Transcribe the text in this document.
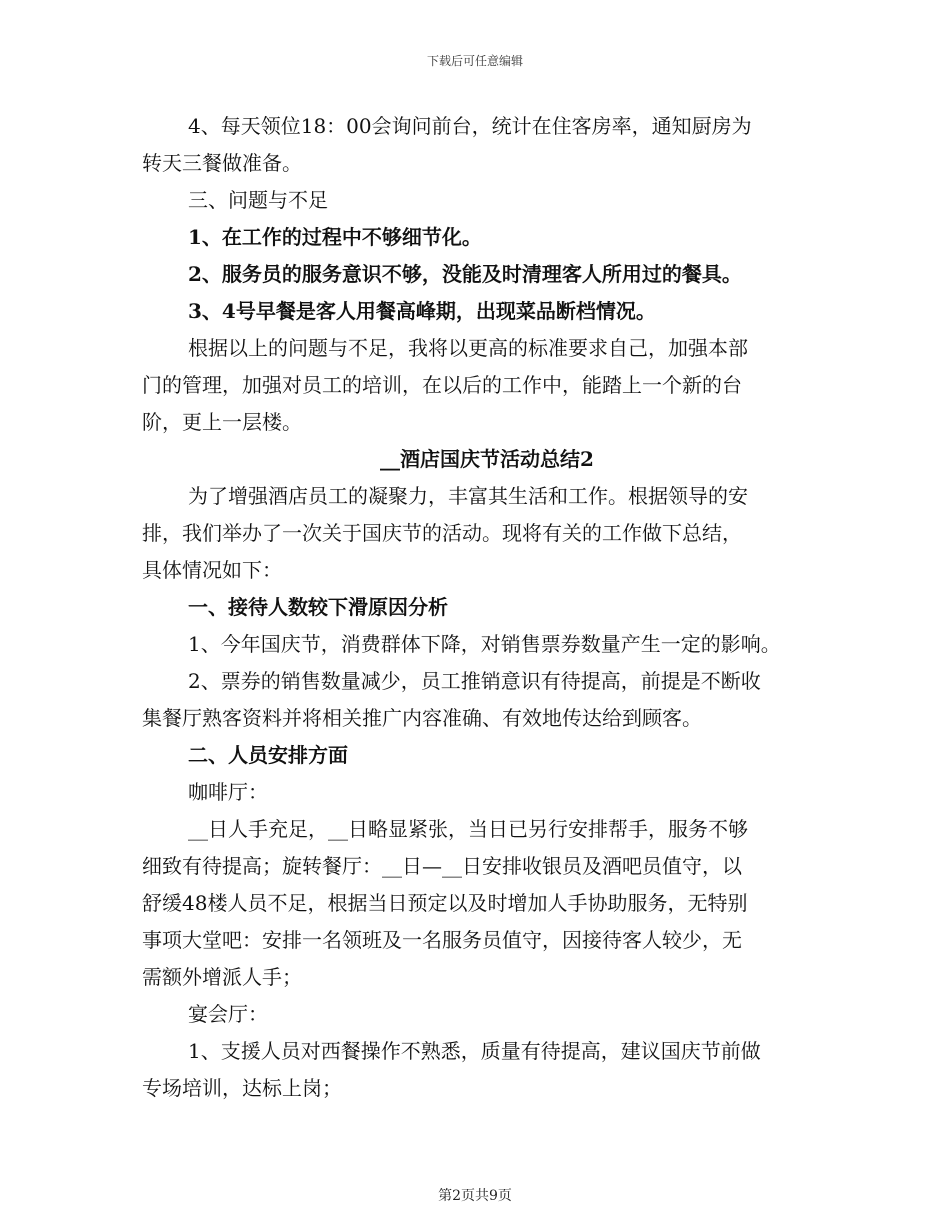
下载后可任意编辑
4、每天领位18：00会询问前台，统计在住客房率，通知厨房为
转天三餐做准备。
三、问题与不足
1、在工作的过程中不够细节化。
2、服务员的服务意识不够，没能及时清理客人所用过的餐具。
3、4号早餐是客人用餐高峰期，出现菜品断档情况。
根据以上的问题与不足，我将以更高的标准要求自己，加强本部
门的管理，加强对员工的培训，在以后的工作中，能踏上一个新的台
阶，更上一层楼。
__酒店国庆节活动总结2
为了增强酒店员工的凝聚力，丰富其生活和工作。根据领导的安
排，我们举办了一次关于国庆节的活动。现将有关的工作做下总结，
具体情况如下：
一、接待人数较下滑原因分析
1、今年国庆节，消费群体下降，对销售票券数量产生一定的影响。
2、票券的销售数量减少，员工推销意识有待提高，前提是不断收
集餐厅熟客资料并将相关推广内容准确、有效地传达给到顾客。
二、人员安排方面
咖啡厅：
__日人手充足，__日略显紧张，当日已另行安排帮手，服务不够
细致有待提高；旋转餐厅：__日—__日安排收银员及酒吧员值守，以
舒缓48楼人员不足，根据当日预定以及时增加人手协助服务，无特别
事项大堂吧：安排一名领班及一名服务员值守，因接待客人较少，无
需额外增派人手；
宴会厅：
1、支援人员对西餐操作不熟悉，质量有待提高，建议国庆节前做
专场培训，达标上岗；
第2页共9页
